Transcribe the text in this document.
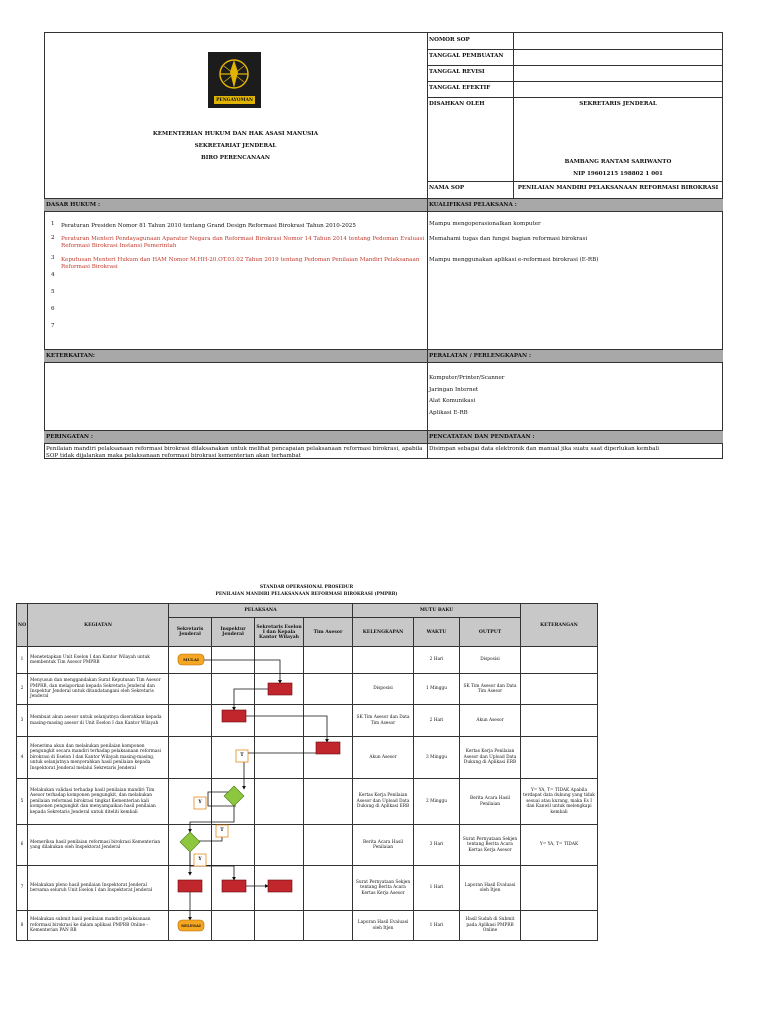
PENGAYOMAN
KEMENTERIAN HUKUM DAN HAK ASASI MANUSIA
SEKRETARIAT JENDERAL
BIRO PERENCANAAN
NOMOR SOP
TANGGAL PEMBUATAN
TANGGAL REVISI
TANGGAL EFEKTIF
DISAHKAN OLEH	SEKRETARIS JENDERAL
BAMBANG RANTAM SARIWANTO
NIP 19601215 198802 1 001
NAMA SOP	PENILAIAN MANDIRI PELAKSANAAN REFORMASI BIROKRASI
DASAR HUKUM :	KUALIFIKASI PELAKSANA :
1 Peraturan Presiden Nomor 81 Tahun 2010 tentang Grand Design Reformasi Birokrasi Tahun 2010-2025
2 Peraturan Menteri Pendayagunaan Aparatur Negara dan Reformasi Birokrasi Nomor 14 Tahun 2014 tentang Pedoman Evaluasi Reformasi Birokrasi Instansi Pemerintah
3 Keputusan Menteri Hukum dan HAM Nomor M.HH-20.OT.03.02 Tahun 2019 tentang Pedoman Penilaian Mandiri Pelaksanaan Reformasi Birokrasi
4
5
6
7
Mampu mengoperasionalkan komputer
Memahami tugas dan fungsi bagian reformasi birokrasi
Mampu menggunakan aplikasi e-reformasi birokrasi (E-RB)
KETERKAITAN:	PERALATAN / PERLENGKAPAN :
Komputer/Printer/Scanner
Jaringan Internet
Alat Komunikasi
Aplikasi E-RB
PERINGATAN :	PENCATATAN DAN PENDATAAN :
Penilaian mandiri pelaksanaan reformasi birokrasi dilaksanakan untuk melihat pencapaian pelaksanaan reformasi birokrasi, apabila SOP tidak dijalankan maka pelaksanaan reformasi birokrasi kementerian akan terhambat
Disimpan sebagai data elektronik dan manual jika suatu saat diperlukan kembali
STANDAR OPERASIONAL PROSEDUR
PENILAIAN MANDIRI PELAKSANAAN REFORMASI BIROKRASI (PMPRB)
NO	KEGIATAN	PELAKSANA				MUTU BAKU			KETERANGAN
		Sekretaris Jenderal	Inspektur Jenderal	Sekretaris Eselon I dan Kepala Kantor Wilayah	Tim Asesor	KELENGKAPAN	WAKTU	OUTPUT	
1	Menetetapkan Unit Eselon I dan Kantor Wilayah untuk membentuk Tim Asesor PMPRB						2 Hari	Disposisi	
2	Menyusun dan menggandakan Surat Keputusan Tim Asesor PMPRB, dan melaporkan kepada Sekretaris Jenderal dan Inspektur Jenderal untuk ditandatangani oleh Sekretaris Jenderal					Disposisi	1 Minggu	SK Tim Asesor dan Data Tim Asesor	
3	Membuat akun asesor untuk selanjutnya diserahkan kepada masing-masing asesor di Unit Eselon I dan Kantor Wilayah					SK Tim Asesor dan Data Tim Asesor	2 Hari	Akun Asesor	
4	Menerima akun dan melakukan penilaian komponen pengungkit secara mandiri terhadap pelaksanaan reformasi birokrasi di Eselon I dan Kantor Wilayah masing-masing, untuk selanjutnya menyerahkan hasil penilaian kepada Inspektorat Jenderal melalui Sekretaris Jenderal					Akun Asesor	3 Minggu	Kertas Kerja Penilaian Asesor dan Upload Data Dukung di Aplikasi ERB	
5	Melakukan validasi terhadap hasil penilaian mandiri Tim Asesor terhadap komponen pengungkit, dan melakukan penilaian reformasi birokrasi tingkat Kementerian kali komponen pengungkit dan menyampaikan hasil penilaian kepada Sekretaris Jenderal untuk diteliti kembali					Kertas Kerja Penilaian Asesor dan Upload Data Dukung di Aplikasi ERB	2 Minggu	Berita Acara Hasil Penilaian	Y= YA, T= TIDAK Apabila terdapat data dukung yang tidak sesuai atau kurang, maka Es I dan Kanwil untuk melengkapi kembali
6	Memeriksa hasil penilaian reformasi birokrasi Kementerian yang dilakukan oleh Inspektorat Jenderal					Berita Acara Hasil Penilaian	3 Hari	Surat Pernyataan Sekjen tentang Berita Acara Kertas Kerja Asesor	Y= YA, T= TIDAK
7	Melakukan pleno hasil penilaian Inspektorat Jenderal bersama seluruh Unit Eselon I dan Inspektorat Jenderal					Surat Pernyataan Sekjen tentang Berita Acara Kertas Kerja Asesor	1 Hari	Laporan Hasil Evaluasi oleh Itjen	
8	Melakukan submit hasil penilaian mandiri pelaksanaan reformasi birokrasi ke dalam aplikasi PMPRB Online - Kementerian PAN RB					Laporan Hasil Evaluasi oleh Itjen	1 Hari	Hasil Sudah di Submit pada Aplikasi PMPRB Online	
MULAI
SELESAI
T
Y
T
Y
